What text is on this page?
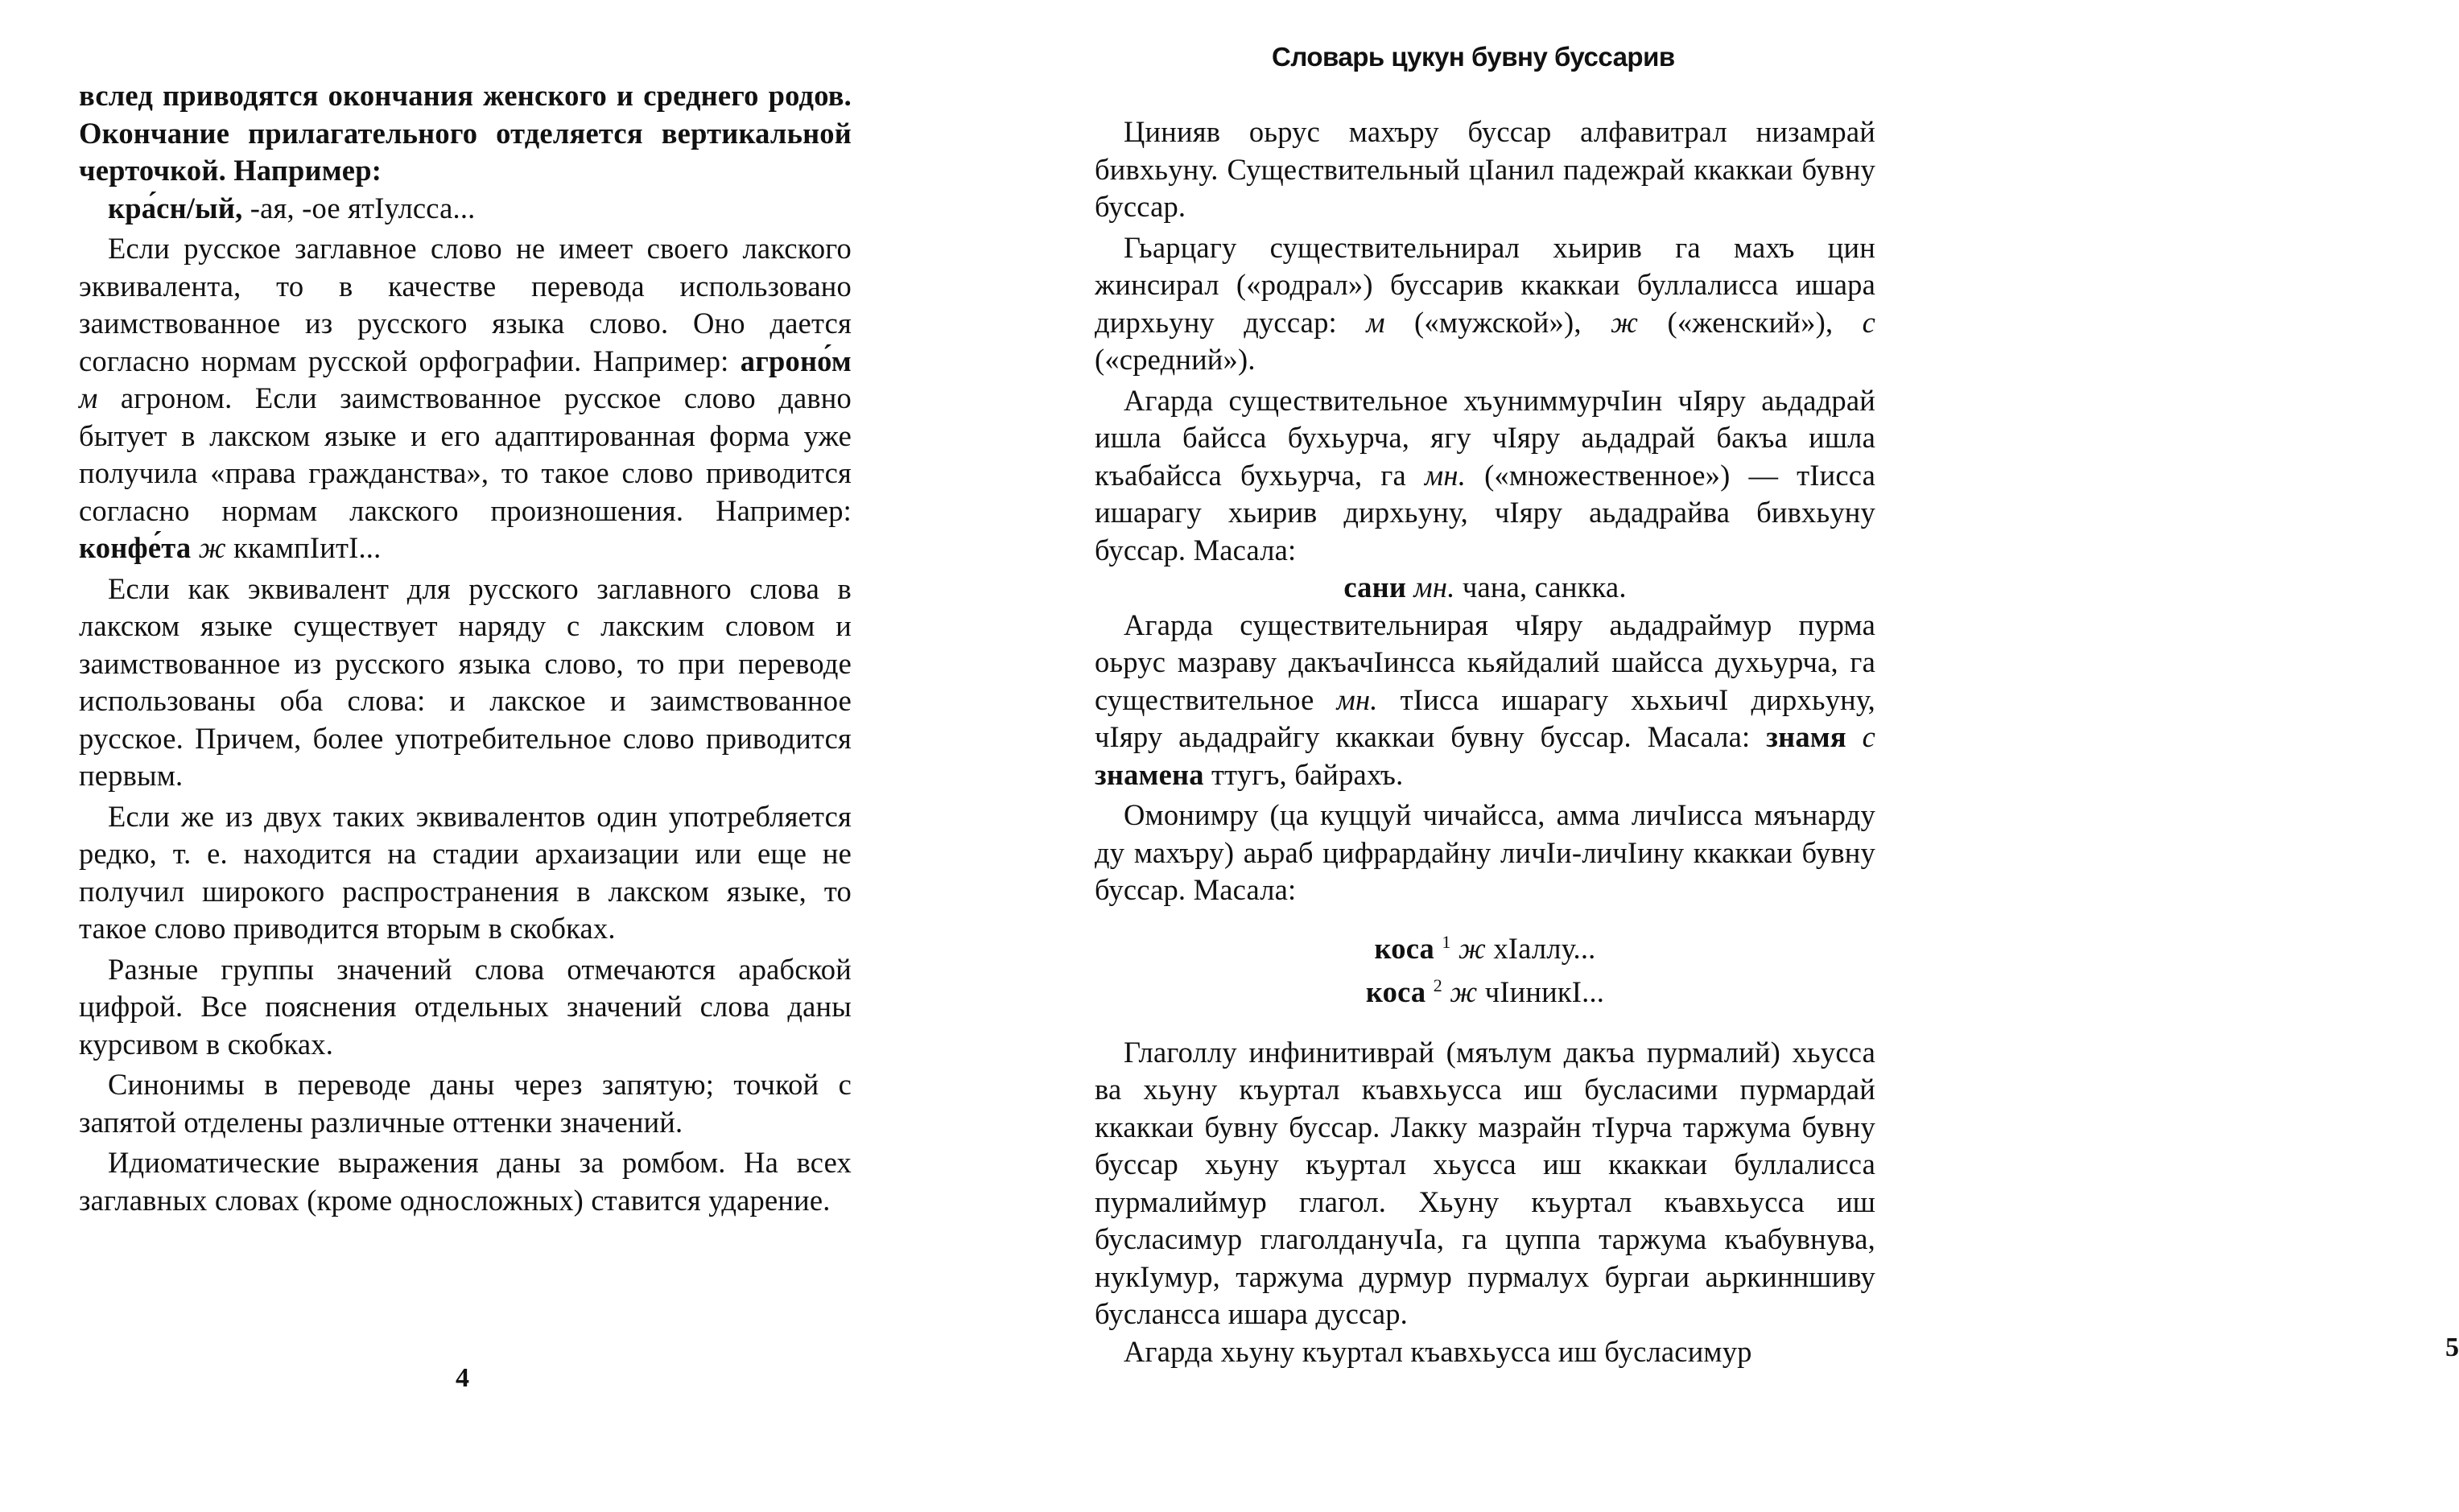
вслед приводятся окончания женского и среднего родов. Окончание прилагательного отделяется вертикальной черточкой. Например:

кра́сн/ый, -ая, -ое ятIулсса...

Если русское заглавное слово не имеет своего лакского эквивалента, то в качестве перевода использовано заимствованное из русского языка слово. Оно дается согласно нормам русской орфографии. Например: агроно́м м агроном. Если заимствованное русское слово давно бытует в лакском языке и его адаптированная форма уже получила «права гражданства», то такое слово приводится согласно нормам лакского произношения. Например: конфе́та ж ккампIитI...

Если как эквивалент для русского заглавного слова в лакском языке существует наряду с лакским словом и заимствованное из русского языка слово, то при переводе использованы оба слова: и лакское и заимствованное русское. Причем, более употребительное слово приводится первым.

Если же из двух таких эквивалентов один употребляется редко, т. е. находится на стадии архаизации или еще не получил широкого распространения в лакском языке, то такое слово приводится вторым в скобках.

Разные группы значений слова отмечаются арабской цифрой. Все пояснения отдельных значений слова даны курсивом в скобках.

Синонимы в переводе даны через запятую; точкой с запятой отделены различные оттенки значений.

Идиоматические выражения даны за ромбом. На всех заглавных словах (кроме односложных) ставится ударение.

4

Цинияв оьрус махъру буссар алфавитрал низамрай бивхьуну. Существительный цIанил падежрай ккаккаи бувну буссар.

Гьарцагу существительнирал хьирив га махъ цин жинсирал («родрал») буссарив ккаккаи буллалисса ишара дирхьуну дуссар: м («мужской»), ж («женский»), с («средний»).

Агарда существительное хъуниммурчIин чIяру аьдадрай ишла байсса бухьурча, ягу чIяру аьдадрай бакъа ишла къабайсса бухьурча, га мн. («множественное») — тIисса ишарагу хьирив дирхьуну, чIяру аьдадрайва бивхьуну буссар. Масала:

сани мн. чана, санкка.

Агарда существительнирая чIяру аьдадраймур пурма оьрус мазраву дакъачIинсса кьяйдалий шайсса духьурча, га существительное мн. тIисса ишарагу хьхьичI дирхьуну, чIяру аьдадрайгу ккаккаи бувну буссар. Масала: знамя с знамена ттугъ, байрахъ.

Омонимру (ца куццуй чичайсса, амма личIисса мяънарду ду махъру) аьраб цифрардайну личIи-личIину ккаккаи бувну буссар. Масала:

коса $^1$ ж хIаллу...

коса $^2$ ж чIиникI...

Глаголлу инфинитиврай (мяълум дакъа пурмалий) хьусса ва хьуну къуртал къавхьусса иш бусласими пурмардай ккаккаи бувну буссар. Лакку мазрайн тIурча таржума бувну буссар хьуну къуртал хьусса иш ккаккаи буллалисса пурмалиймур глагол. Хьуну къуртал къавхьусса иш бусласимур глаголданучIа, га цуппа таржума къабувнува, нукIумур, таржума дурмур пурмалух бургаи аьркинншиву буслансса ишара дуссар.

Агарда хьуну къуртал къавхьусса иш бусласимур	5
Словарь цукун бувну буссарив
